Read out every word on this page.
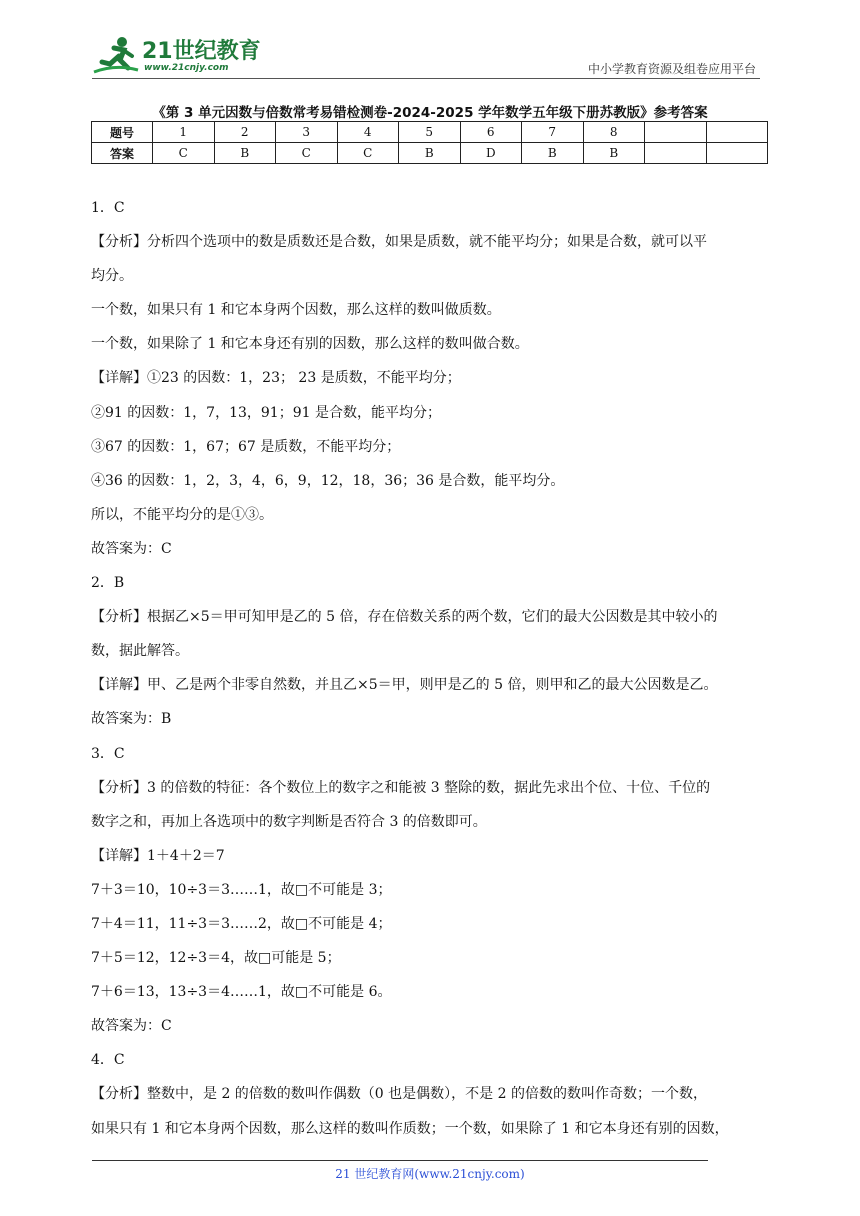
21世纪教育
www.21cnjy.com	中小学教育资源及组卷应用平台
《第 3 单元因数与倍数常考易错检测卷-2024-2025 学年数学五年级下册苏教版》参考答案
题号	1	2	3	4	5	6	7	8		
答案	C	B	C	C	B	D	B	B		
1．C
【分析】分析四个选项中的数是质数还是合数，如果是质数，就不能平均分；如果是合数，就可以平
均分。
一个数，如果只有 1 和它本身两个因数，那么这样的数叫做质数。
一个数，如果除了 1 和它本身还有别的因数，那么这样的数叫做合数。
【详解】①23 的因数：1，23； 23 是质数，不能平均分；
②91 的因数：1，7，13，91；91 是合数，能平均分；
③67 的因数：1，67；67 是质数，不能平均分；
④36 的因数：1，2，3，4，6，9，12，18，36；36 是合数，能平均分。
所以，不能平均分的是①③。
故答案为：C
2．B
【分析】根据乙×5＝甲可知甲是乙的 5 倍，存在倍数关系的两个数，它们的最大公因数是其中较小的
数，据此解答。
【详解】甲、乙是两个非零自然数，并且乙×5＝甲，则甲是乙的 5 倍，则甲和乙的最大公因数是乙。
故答案为：B
3．C
【分析】3 的倍数的特征：各个数位上的数字之和能被 3 整除的数，据此先求出个位、十位、千位的
数字之和，再加上各选项中的数字判断是否符合 3 的倍数即可。
【详解】1＋4＋2＝7
7＋3＝10，10÷3＝3……1，故□不可能是 3；
7＋4＝11，11÷3＝3……2，故□不可能是 4；
7＋5＝12，12÷3＝4，故□可能是 5；
7＋6＝13，13÷3＝4……1，故□不可能是 6。
故答案为：C
4．C
【分析】整数中，是 2 的倍数的数叫作偶数（0 也是偶数），不是 2 的倍数的数叫作奇数；一个数，
如果只有 1 和它本身两个因数，那么这样的数叫作质数；一个数，如果除了 1 和它本身还有别的因数，
21 世纪教育网(www.21cnjy.com)
